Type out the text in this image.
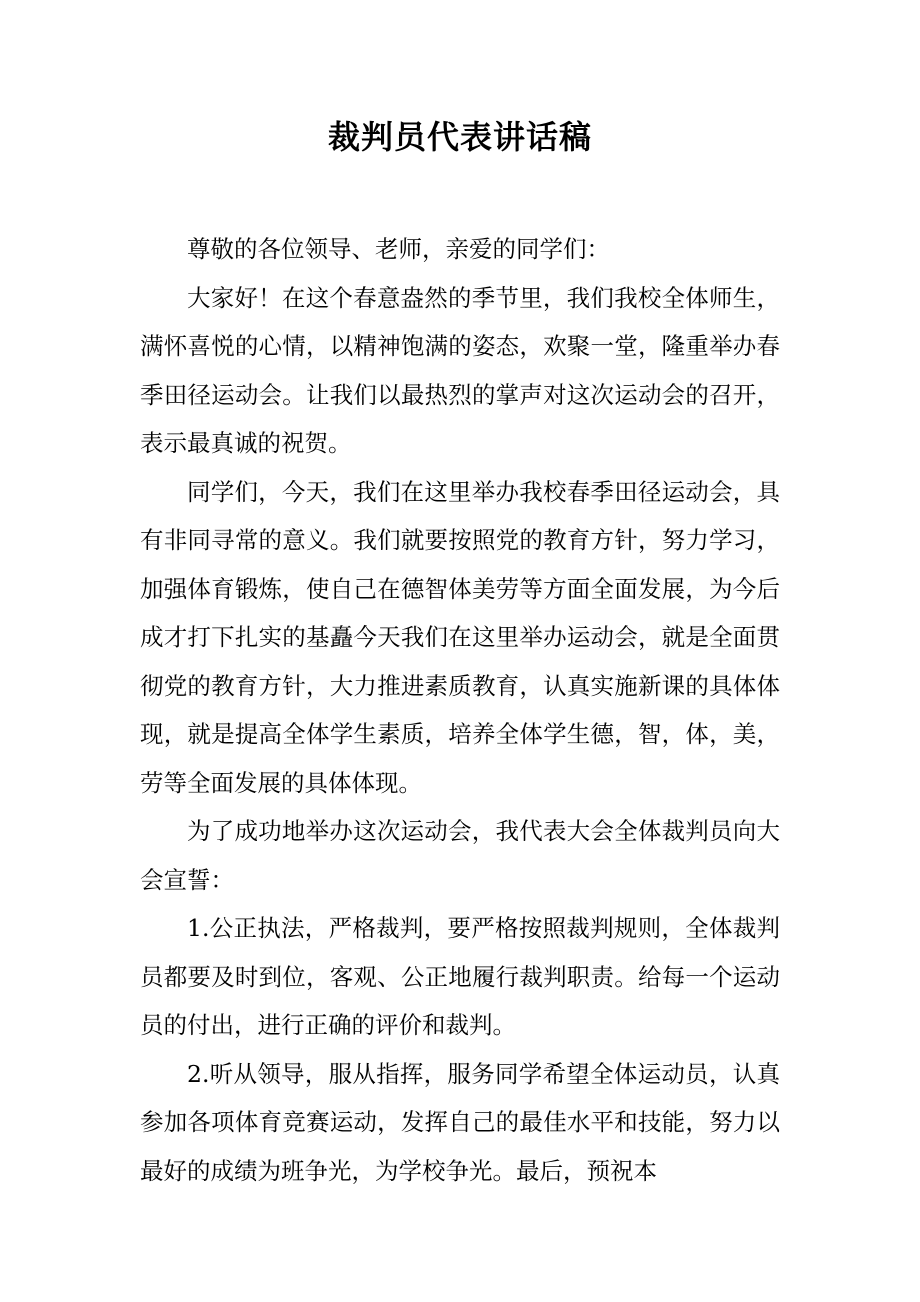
裁判员代表讲话稿

尊敬的各位领导、老师，亲爱的同学们：

大家好！在这个春意盎然的季节里，我们我校全体师生，满怀喜悦的心情，以精神饱满的姿态，欢聚一堂，隆重举办春季田径运动会。让我们以最热烈的掌声对这次运动会的召开，表示最真诚的祝贺。

同学们，今天，我们在这里举办我校春季田径运动会，具有非同寻常的意义。我们就要按照党的教育方针，努力学习，加强体育锻炼，使自己在德智体美劳等方面全面发展，为今后成才打下扎实的基矗今天我们在这里举办运动会，就是全面贯彻党的教育方针，大力推进素质教育，认真实施新课的具体体现，就是提高全体学生素质，培养全体学生德，智，体，美，劳等全面发展的具体体现。

为了成功地举办这次运动会，我代表大会全体裁判员向大会宣誓：

1.公正执法，严格裁判，要严格按照裁判规则，全体裁判员都要及时到位，客观、公正地履行裁判职责。给每一个运动员的付出，进行正确的评价和裁判。

2.听从领导，服从指挥，服务同学希望全体运动员，认真参加各项体育竞赛运动，发挥自己的最佳水平和技能，努力以最好的成绩为班争光，为学校争光。最后，预祝本
